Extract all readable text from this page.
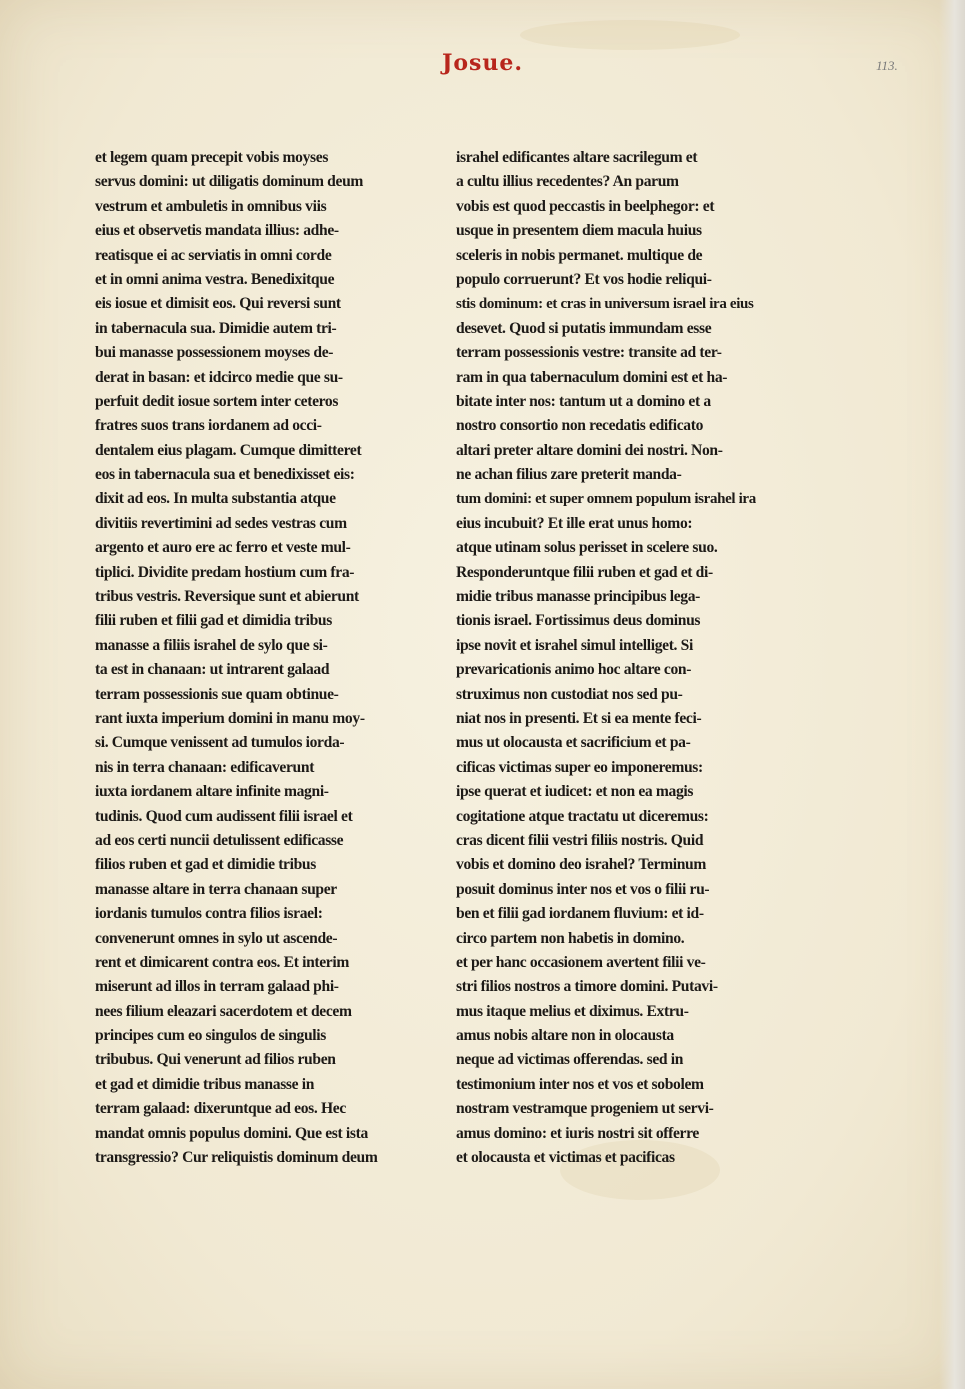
Josue.	113.
et legem quam precepit vobis moyses
servus domini: ut diligatis dominum deum
vestrum et ambuletis in omnibus viis
eius et observetis mandata illius: adhe-
reatisque ei ac serviatis in omni corde
et in omni anima vestra. Benedixitque
eis iosue et dimisit eos. Qui reversi sunt
in tabernacula sua. Dimidie autem tri-
bui manasse possessionem moyses de-
derat in basan: et idcirco medie que su-
perfuit dedit iosue sortem inter ceteros
fratres suos trans iordanem ad occi-
dentalem eius plagam. Cumque dimitteret
eos in tabernacula sua et benedixisset eis:
dixit ad eos. In multa substantia atque
divitiis revertimini ad sedes vestras cum
argento et auro ere ac ferro et veste mul-
tiplici. Dividite predam hostium cum fra-
tribus vestris. Reversique sunt et abierunt
filii ruben et filii gad et dimidia tribus
manasse a filiis israhel de sylo que si-
ta est in chanaan: ut intrarent galaad
terram possessionis sue quam obtinue-
rant iuxta imperium domini in manu moy-
si. Cumque venissent ad tumulos iorda-
nis in terra chanaan: edificaverunt
iuxta iordanem altare infinite magni-
tudinis. Quod cum audissent filii israel et
ad eos certi nuncii detulissent edificasse
filios ruben et gad et dimidie tribus
manasse altare in terra chanaan super
iordanis tumulos contra filios israel:
convenerunt omnes in sylo ut ascende-
rent et dimicarent contra eos. Et interim
miserunt ad illos in terram galaad phi-
nees filium eleazari sacerdotem et decem
principes cum eo singulos de singulis
tribubus. Qui venerunt ad filios ruben
et gad et dimidie tribus manasse in
terram galaad: dixeruntque ad eos. Hec
mandat omnis populus domini. Que est ista
transgressio? Cur reliquistis dominum deum
israhel edificantes altare sacrilegum et
a cultu illius recedentes? An parum
vobis est quod peccastis in beelphegor: et
usque in presentem diem macula huius
sceleris in nobis permanet. multique de
populo corruerunt? Et vos hodie reliqui-
stis dominum: et cras in universum israel ira eius
desevet. Quod si putatis immundam esse
terram possessionis vestre: transite ad ter-
ram in qua tabernaculum domini est et ha-
bitate inter nos: tantum ut a domino et a
nostro consortio non recedatis edificato
altari preter altare domini dei nostri. Non-
ne achan filius zare preterit manda-
tum domini: et super omnem populum israhel ira
eius incubuit? Et ille erat unus homo:
atque utinam solus perisset in scelere suo.
Responderuntque filii ruben et gad et di-
midie tribus manasse principibus lega-
tionis israel. Fortissimus deus dominus
ipse novit et israhel simul intelliget. Si
prevaricationis animo hoc altare con-
struximus non custodiat nos sed pu-
niat nos in presenti. Et si ea mente feci-
mus ut olocausta et sacrificium et pa-
cificas victimas super eo imponeremus:
ipse querat et iudicet: et non ea magis
cogitatione atque tractatu ut diceremus:
cras dicent filii vestri filiis nostris. Quid
vobis et domino deo israhel? Terminum
posuit dominus inter nos et vos o filii ru-
ben et filii gad iordanem fluvium: et id-
circo partem non habetis in domino.
et per hanc occasionem avertent filii ve-
stri filios nostros a timore domini. Putavi-
mus itaque melius et diximus. Extru-
amus nobis altare non in olocausta
neque ad victimas offerendas. sed in
testimonium inter nos et vos et sobolem
nostram vestramque progeniem ut servi-
amus domino: et iuris nostri sit offerre
et olocausta et victimas et pacificas
